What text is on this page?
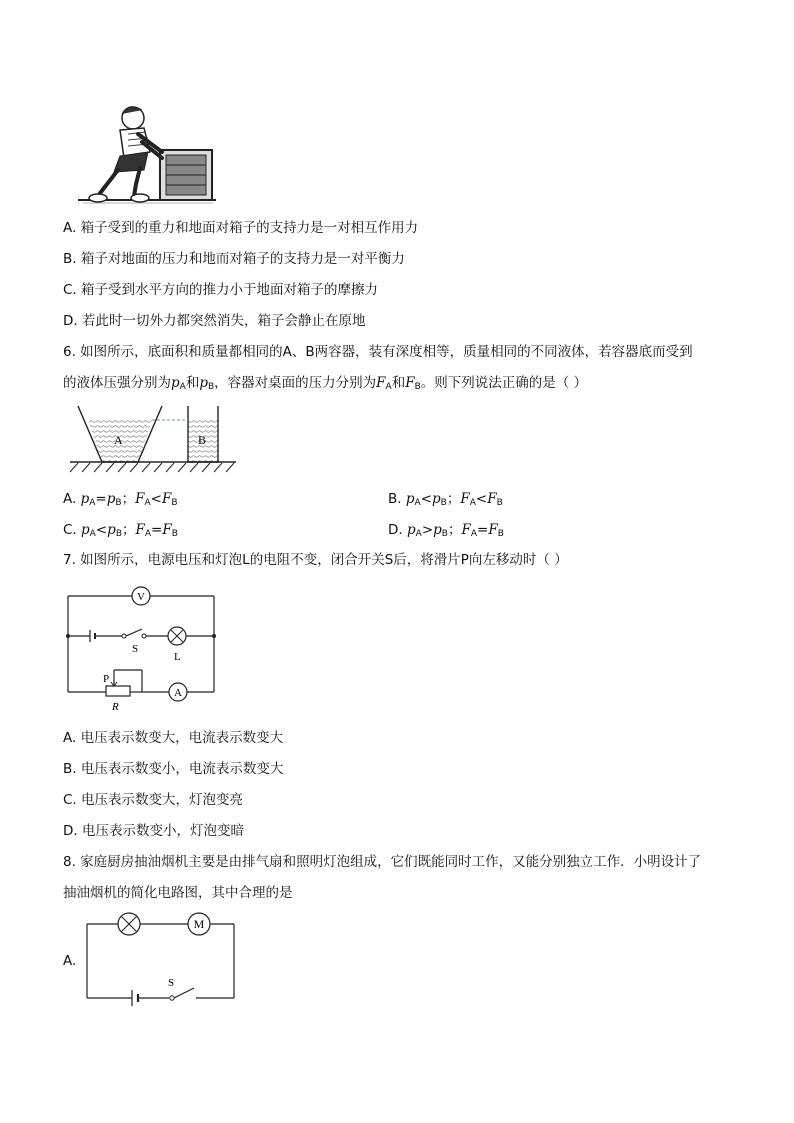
A. 箱子受到的重力和地面对箱子的支持力是一对相互作用力
B. 箱子对地面的压力和地而对箱子的支持力是一对平衡力
C. 箱子受到水平方向的推力小于地面对箱子的摩擦力
D. 若此时一切外力都突然消失，箱子会静止在原地
6. 如图所示，底面积和质量都相同的A、B两容器，装有深度相等，质量相同的不同液体，若容器底而受到
的液体压强分别为$p_A$和$p_B$，容器对桌面的压力分别为$F_A$和$F_B$。则下列说法正确的是（ ）
A	B
A. $p_A=p_B$；$F_A<F_B$	B. $p_A<p_B$；$F_A<F_B$
C. $p_A<p_B$；$F_A=F_B$	D. $p_A>p_B$；$F_A=F_B$
7. 如图所示，电源电压和灯泡L的电阻不变，闭合开关S后，将滑片P向左移动时（ ）
V
A
S
L
P
R
A. 电压表示数变大，电流表示数变大
B. 电压表示数变小，电流表示数变大
C. 电压表示数变大，灯泡变亮
D. 电压表示数变小，灯泡变暗
8. 家庭厨房抽油烟机主要是由排气扇和照明灯泡组成，它们既能同时工作，又能分别独立工作．小明设计了
抽油烟机的简化电路图，其中合理的是
A.
M
S
